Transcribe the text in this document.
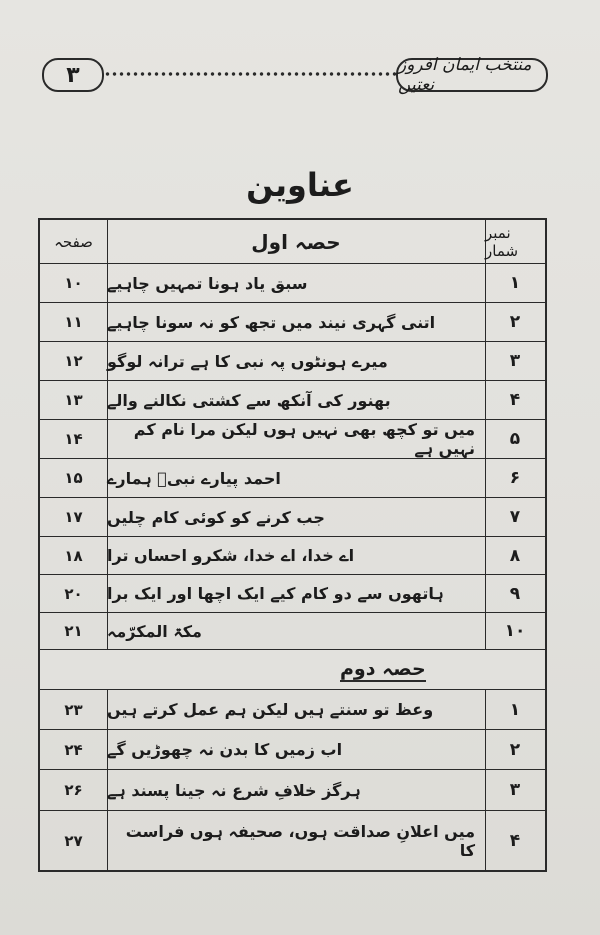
۳	منتخب ایمان افروز نعتیں
عناوین
نمبر شمار
حصہ اول
صفحہ
۱
سبق یاد ہونا تمہیں چاہیے
۱۰
۲
اتنی گہری نیند میں تجھ کو نہ سونا چاہیے
۱۱
۳
میرے ہونٹوں پہ نبی کا ہے ترانہ لوگو
۱۲
۴
بھنور کی آنکھ سے کشتی نکالنے والے
۱۳
۵
میں تو کچھ بھی نہیں ہوں لیکن مرا نام کم نہیں ہے
۱۴
۶
احمد پیارے نبیؐ ہمارے
۱۵
۷
جب کرنے کو کوئی کام چلیں
۱۷
۸
اے خدا، اے خدا، شکرو احساں ترا
۱۸
۹
ہاتھوں سے دو کام کیے ایک اچھا اور ایک برا
۲۰
۱۰
مکۃ المکرّمہ
۲۱
حصہ دوم
۱
وعظ تو سنتے ہیں لیکن ہم عمل کرتے ہیں
۲۳
۲
اب زمیں کا بدن نہ چھوڑیں گے
۲۴
۳
ہرگز خلافِ شرع نہ جینا پسند ہے
۲۶
۴
میں اعلانِ صداقت ہوں، صحیفہ ہوں فراست کا
۲۷
